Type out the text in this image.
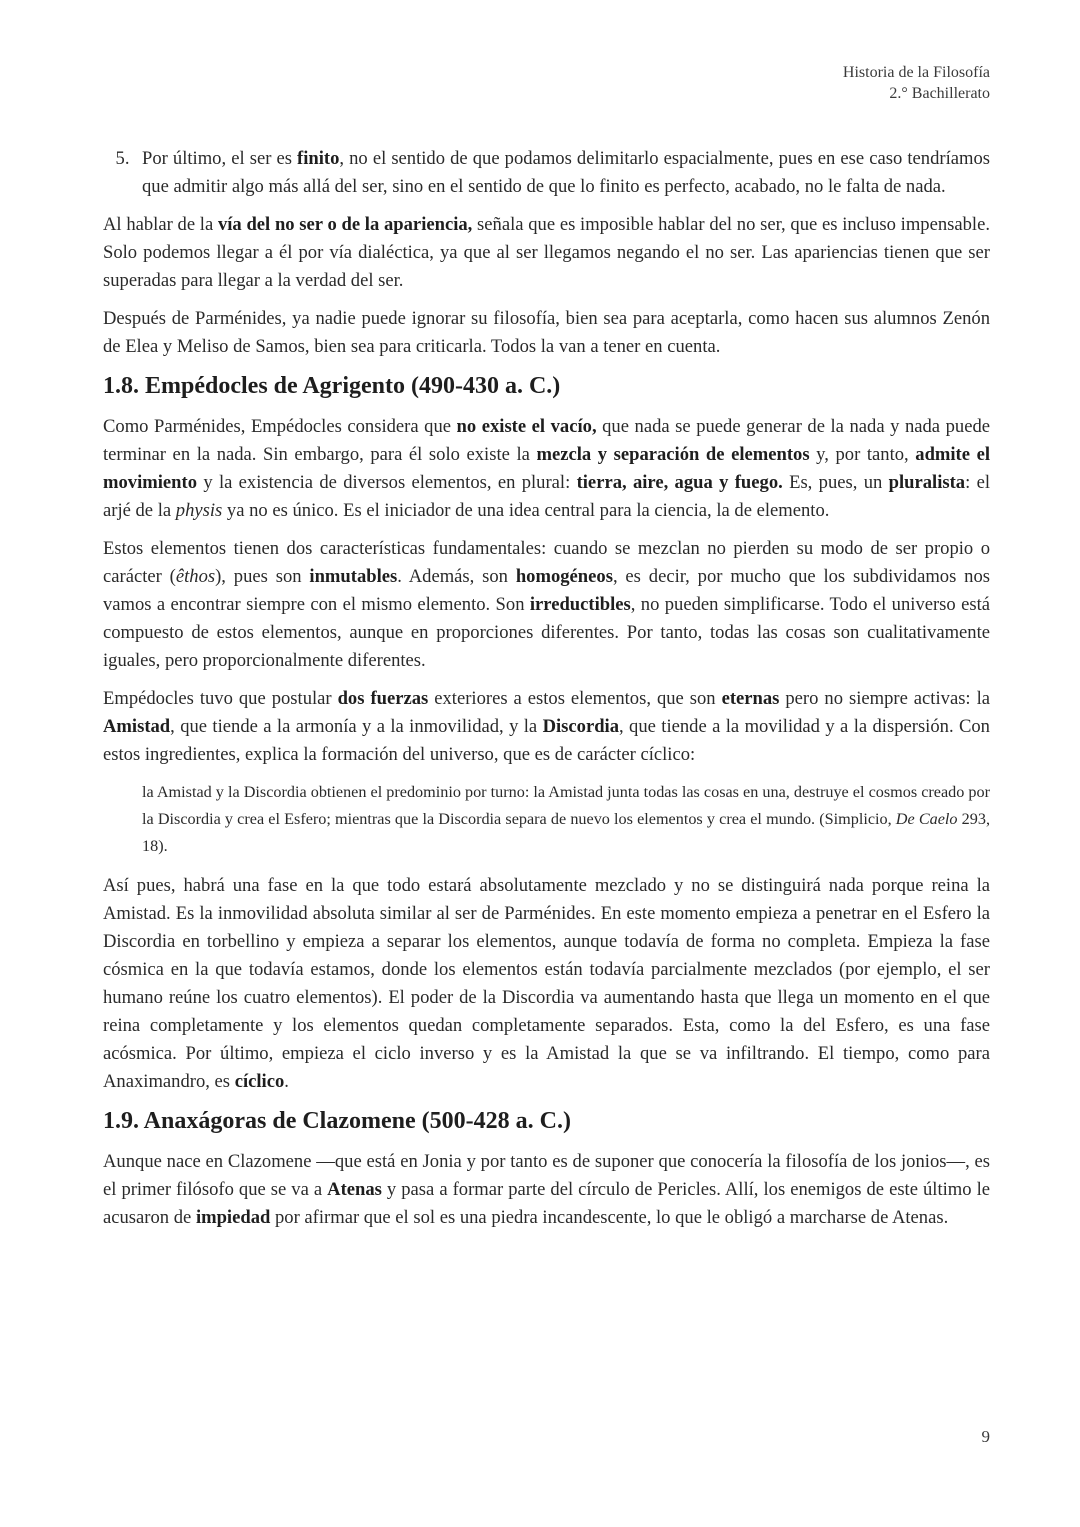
Historia de la Filosofía
2.° Bachillerato
5. Por último, el ser es finito, no el sentido de que podamos delimitarlo espacialmente, pues en ese caso tendríamos que admitir algo más allá del ser, sino en el sentido de que lo finito es perfecto, acabado, no le falta de nada.

Al hablar de la vía del no ser o de la apariencia, señala que es imposible hablar del no ser, que es incluso impensable. Solo podemos llegar a él por vía dialéctica, ya que al ser llegamos negando el no ser. Las apariencias tienen que ser superadas para llegar a la verdad del ser.

Después de Parménides, ya nadie puede ignorar su filosofía, bien sea para aceptarla, como hacen sus alumnos Zenón de Elea y Meliso de Samos, bien sea para criticarla. Todos la van a tener en cuenta.

1.8. Empédocles de Agrigento (490-430 a. C.)

Como Parménides, Empédocles considera que no existe el vacío, que nada se puede generar de la nada y nada puede terminar en la nada. Sin embargo, para él solo existe la mezcla y separación de elementos y, por tanto, admite el movimiento y la existencia de diversos elementos, en plural: tierra, aire, agua y fuego. Es, pues, un pluralista: el arjé de la physis ya no es único. Es el iniciador de una idea central para la ciencia, la de elemento.

Estos elementos tienen dos características fundamentales: cuando se mezclan no pierden su modo de ser propio o carácter (êthos), pues son inmutables. Además, son homogéneos, es decir, por mucho que los subdividamos nos vamos a encontrar siempre con el mismo elemento. Son irreductibles, no pueden simplificarse. Todo el universo está compuesto de estos elementos, aunque en proporciones diferentes. Por tanto, todas las cosas son cualitativamente iguales, pero proporcionalmente diferentes.

Empédocles tuvo que postular dos fuerzas exteriores a estos elementos, que son eternas pero no siempre activas: la Amistad, que tiende a la armonía y a la inmovilidad, y la Discordia, que tiende a la movilidad y a la dispersión. Con estos ingredientes, explica la formación del universo, que es de carácter cíclico:

la Amistad y la Discordia obtienen el predominio por turno: la Amistad junta todas las cosas en una, destruye el cosmos creado por la Discordia y crea el Esfero; mientras que la Discordia separa de nuevo los elementos y crea el mundo. (Simplicio, De Caelo 293, 18).

Así pues, habrá una fase en la que todo estará absolutamente mezclado y no se distinguirá nada porque reina la Amistad. Es la inmovilidad absoluta similar al ser de Parménides. En este momento empieza a penetrar en el Esfero la Discordia en torbellino y empieza a separar los elementos, aunque todavía de forma no completa. Empieza la fase cósmica en la que todavía estamos, donde los elementos están todavía parcialmente mezclados (por ejemplo, el ser humano reúne los cuatro elementos). El poder de la Discordia va aumentando hasta que llega un momento en el que reina completamente y los elementos quedan completamente separados. Esta, como la del Esfero, es una fase acósmica. Por último, empieza el ciclo inverso y es la Amistad la que se va infiltrando. El tiempo, como para Anaximandro, es cíclico.

1.9. Anaxágoras de Clazomene (500-428 a. C.)

Aunque nace en Clazomene —que está en Jonia y por tanto es de suponer que conocería la filosofía de los jonios—, es el primer filósofo que se va a Atenas y pasa a formar parte del círculo de Pericles. Allí, los enemigos de este último le acusaron de impiedad por afirmar que el sol es una piedra incandescente, lo que le obligó a marcharse de Atenas.

9
